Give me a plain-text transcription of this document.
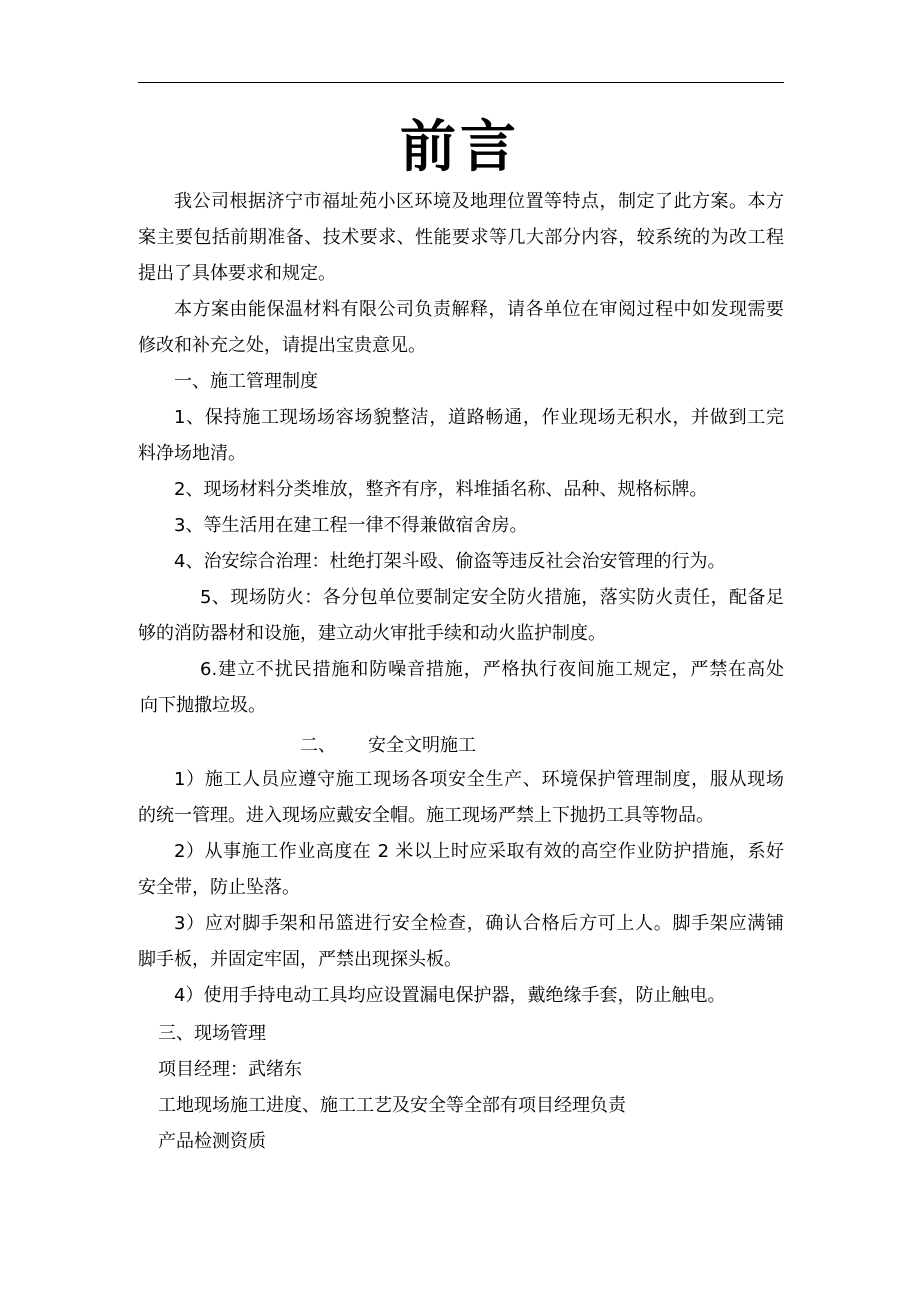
前言
我公司根据济宁市福址苑小区环境及地理位置等特点，制定了此方案。本方
案主要包括前期准备、技术要求、性能要求等几大部分内容，较系统的为改工程
提出了具体要求和规定。
本方案由能保温材料有限公司负责解释，请各单位在审阅过程中如发现需要
修改和补充之处，请提出宝贵意见。
一、施工管理制度
1、保持施工现场场容场貌整洁，道路畅通，作业现场无积水，并做到工完
料净场地清。
2、现场材料分类堆放，整齐有序，料堆插名称、品种、规格标牌。
3、等生活用在建工程一律不得兼做宿舍房。
4、治安综合治理：杜绝打架斗殴、偷盗等违反社会治安管理的行为。
5、现场防火：各分包单位要制定安全防火措施，落实防火责任，配备足
够的消防器材和设施，建立动火审批手续和动火监护制度。
6.建立不扰民措施和防噪音措施，严格执行夜间施工规定，严禁在高处
向下抛撒垃圾。
二、 安全文明施工
1）施工人员应遵守施工现场各项安全生产、环境保护管理制度，服从现场
的统一管理。进入现场应戴安全帽。施工现场严禁上下抛扔工具等物品。
2）从事施工作业高度在 2 米以上时应采取有效的高空作业防护措施，系好
安全带，防止坠落。
3）应对脚手架和吊篮进行安全检查，确认合格后方可上人。脚手架应满铺
脚手板，并固定牢固，严禁出现探头板。
4）使用手持电动工具均应设置漏电保护器，戴绝缘手套，防止触电。
三、现场管理
项目经理：武绪东
工地现场施工进度、施工工艺及安全等全部有项目经理负责
产品检测资质
